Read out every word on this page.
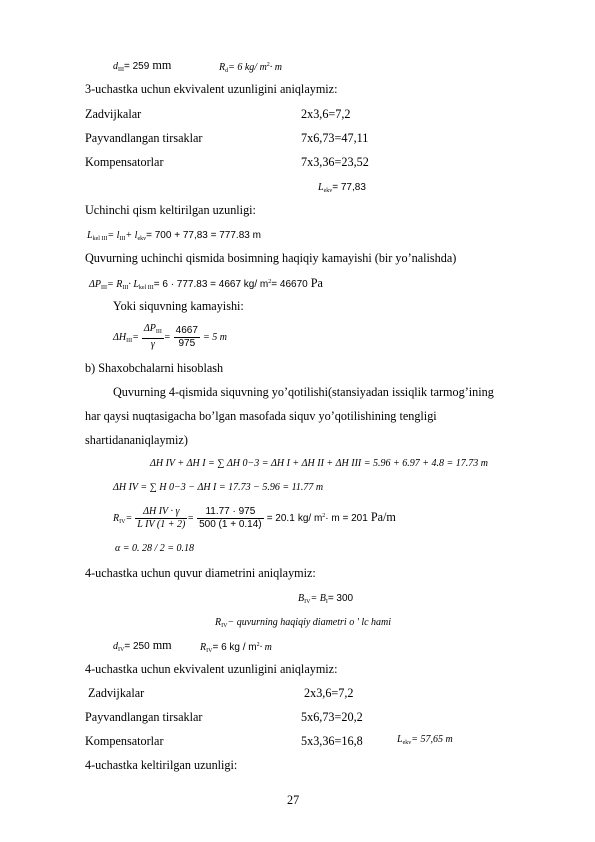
$d_{III}= 259$ mm	$R_d= 6$ kg/ $m^2\cdot m$
3-uchastka uchun ekvivalent uzunligini aniqlaymiz:
Zadvijkalar	2x3,6=7,2
Payvandlangan tirsaklar	7x6,73=47,11
Kompensatorlar	7x3,36=23,52
$L_{ekv}= 77,83$
Uchinchi qism keltirilgan uzunligi:
$L_{kel III}= l_{III}+ l_{ekv}= 700 + 77,83 = 777.83$ m
Quvurning uchinchi qismida bosimning haqiqiy kamayishi (bir yo’nalishda)
$\Delta P_{III}= R_{III}\cdot L_{kel III}= 6 \cdot 777.83 = 4667$ kg/ $m^2= 46670$ Pa
Yoki siquvning kamayishi:
$\Delta H_{III}= \frac{\Delta P_{III}}{\gamma} = \frac{4667}{975} = 5$ m
b) Shaxobchalarni hisoblash
Quvurning 4-qismida siquvning yo’qotilishi(stansiyadan issiqlik tarmog’ining
har qaysi nuqtasigacha bo’lgan masofada siquv yo’qotilishining tengligi
shartidananiqlaymiz)
ΔH IV + ΔH I = ∑ ΔH 0−3 = ΔH I + ΔH II + ΔH III = 5.96 + 6.97 + 4.8 = 17.73 m
ΔH IV = ∑ H 0−3 − ΔH I = 17.73 − 5.96 = 11.77 m
$R_{IV}= \frac{\text{ΔH IV · γ}}{\text{L IV (1 + 2)}} = \frac{11.77 \cdot 975}{500 (1 + 0.14)} = 20.1$ kg/ $m^2\cdot m = 201$ Pa/m
α = 0. 28 / 2 = 0.18
4-uchastka uchun quvur diametrini aniqlaymiz:
$B_{IV}= B_I= 300$
$R_{IV}-$ quvurning haqiqiy diametri o ' lc hami
$d_{IV}= 250$ mm	$R_{IV}= 6$ kg / $m^2\cdot m$
4-uchastka uchun ekvivalent uzunligini aniqlaymiz:
Zadvijkalar	2x3,6=7,2
Payvandlangan tirsaklar	5x6,73=20,2
Kompensatorlar	5x3,36=16,8	$L_{ekv}= 57,65$ m
4-uchastka keltirilgan uzunligi:
27
